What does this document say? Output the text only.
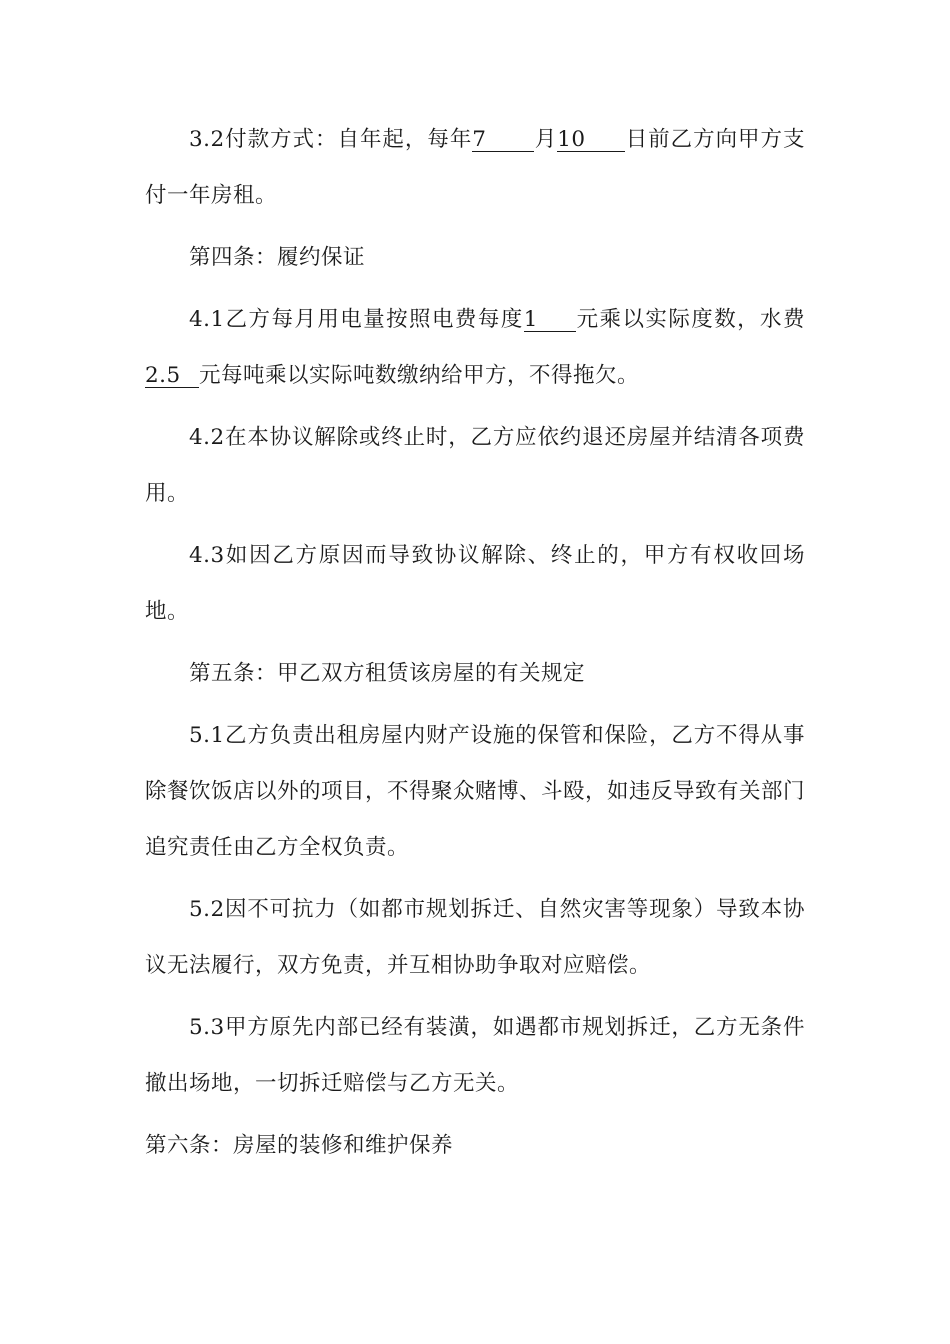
3.2付款方式：自年起，每年7 月10 日前乙方向甲方支付一年房租。

第四条：履约保证

4.1乙方每月用电量按照电费每度1 元乘以实际度数，水费2.5 元每吨乘以实际吨数缴纳给甲方，不得拖欠。

4.2在本协议解除或终止时，乙方应依约退还房屋并结清各项费用。

4.3如因乙方原因而导致协议解除、终止的，甲方有权收回场地。

第五条：甲乙双方租赁该房屋的有关规定

5.1乙方负责出租房屋内财产设施的保管和保险，乙方不得从事除餐饮饭店以外的项目，不得聚众赌博、斗殴，如违反导致有关部门追究责任由乙方全权负责。

5.2因不可抗力（如都市规划拆迁、自然灾害等现象）导致本协议无法履行，双方免责，并互相协助争取对应赔偿。

5.3甲方原先内部已经有装潢，如遇都市规划拆迁，乙方无条件撤出场地，一切拆迁赔偿与乙方无关。

第六条：房屋的装修和维护保养
